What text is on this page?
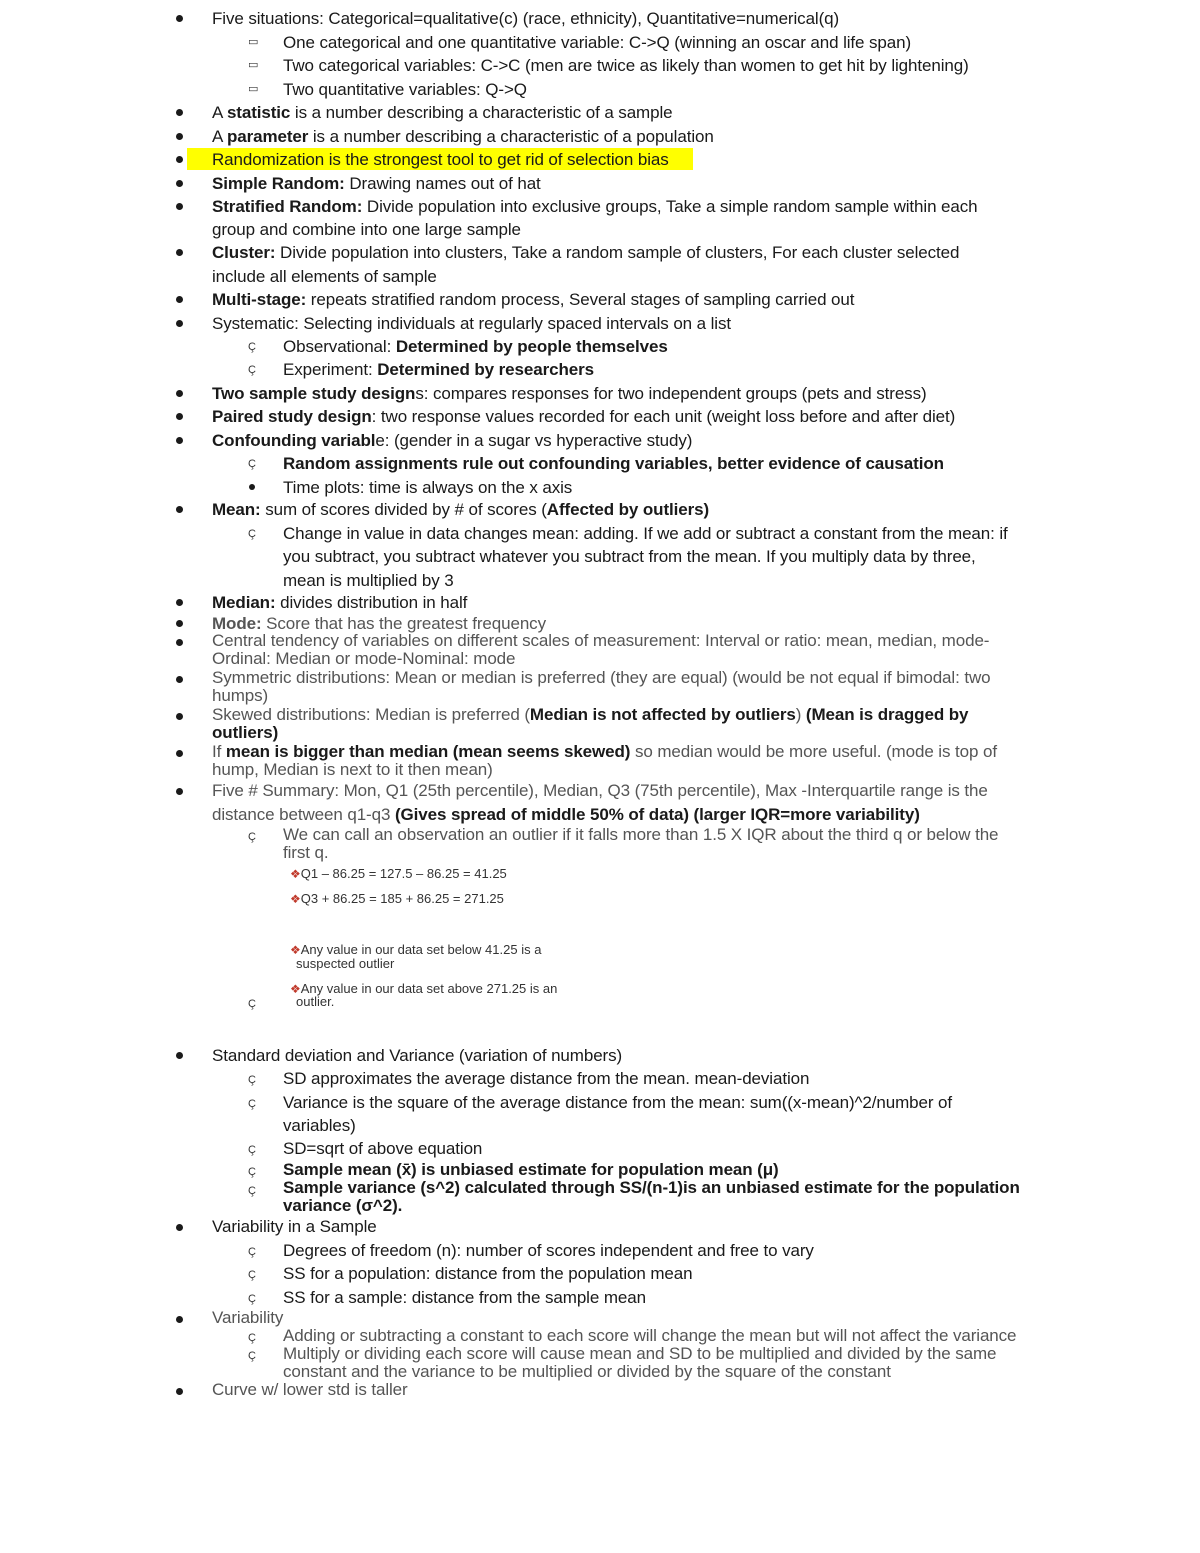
Five situations: Categorical=qualitative(c) (race, ethnicity), Quantitative=numerical(q)
▭ One categorical and one quantitative variable: C->Q (winning an oscar and life span)
▭ Two categorical variables: C->C (men are twice as likely than women to get hit by lightening)
▭ Two quantitative variables: Q->Q
A statistic is a number describing a characteristic of a sample
A parameter is a number describing a characteristic of a population
Randomization is the strongest tool to get rid of selection bias
Simple Random: Drawing names out of hat
Stratified Random: Divide population into exclusive groups, Take a simple random sample within each
group and combine into one large sample
Cluster: Divide population into clusters, Take a random sample of clusters, For each cluster selected
include all elements of sample
Multi-stage: repeats stratified random process, Several stages of sampling carried out
Systematic: Selecting individuals at regularly spaced intervals on a list
Ç Observational: Determined by people themselves
Ç Experiment: Determined by researchers
Two sample study designs: compares responses for two independent groups (pets and stress)
Paired study design: two response values recorded for each unit (weight loss before and after diet)
Confounding variable: (gender in a sugar vs hyperactive study)
Ç Random assignments rule out confounding variables, better evidence of causation
Time plots: time is always on the x axis
Mean: sum of scores divided by # of scores (Affected by outliers)
Ç Change in value in data changes mean: adding. If we add or subtract a constant from the mean: if
you subtract, you subtract whatever you subtract from the mean. If you multiply data by three,
mean is multiplied by 3
Median: divides distribution in half
Mode: Score that has the greatest frequency
Central tendency of variables on different scales of measurement: Interval or ratio: mean, median, mode-
Ordinal: Median or mode-Nominal: mode
Symmetric distributions: Mean or median is preferred (they are equal) (would be not equal if bimodal: two
humps)
Skewed distributions: Median is preferred (Median is not affected by outliers) (Mean is dragged by
outliers)
If mean is bigger than median (mean seems skewed) so median would be more useful. (mode is top of
hump, Median is next to it then mean)
Five # Summary: Mon, Q1 (25th percentile), Median, Q3 (75th percentile), Max -Interquartile range is the
distance between q1-q3 (Gives spread of middle 50% of data) (larger IQR=more variability)
Ç We can call an observation an outlier if it falls more than 1.5 X IQR about the third q or below the
first q.
❖Q1 – 86.25 = 127.5 – 86.25 = 41.25
❖Q3 + 86.25 = 185 + 86.25 = 271.25
❖Any value in our data set below 41.25 is a
suspected outlier
❖Any value in our data set above 271.25 is an
outlier.
Ç
Standard deviation and Variance (variation of numbers)
Ç SD approximates the average distance from the mean. mean-deviation
Ç Variance is the square of the average distance from the mean: sum((x-mean)^2/number of
variables)
Ç SD=sqrt of above equation
Ç Sample mean (x̄) is unbiased estimate for population mean (μ)
Ç Sample variance (s^2) calculated through SS/(n-1)is an unbiased estimate for the population
variance (σ^2).
Variability in a Sample
Ç Degrees of freedom (n): number of scores independent and free to vary
Ç SS for a population: distance from the population mean
Ç SS for a sample: distance from the sample mean
Variability
Ç Adding or subtracting a constant to each score will change the mean but will not affect the variance
Ç Multiply or dividing each score will cause mean and SD to be multiplied and divided by the same
constant and the variance to be multiplied or divided by the square of the constant
Curve w/ lower std is taller
